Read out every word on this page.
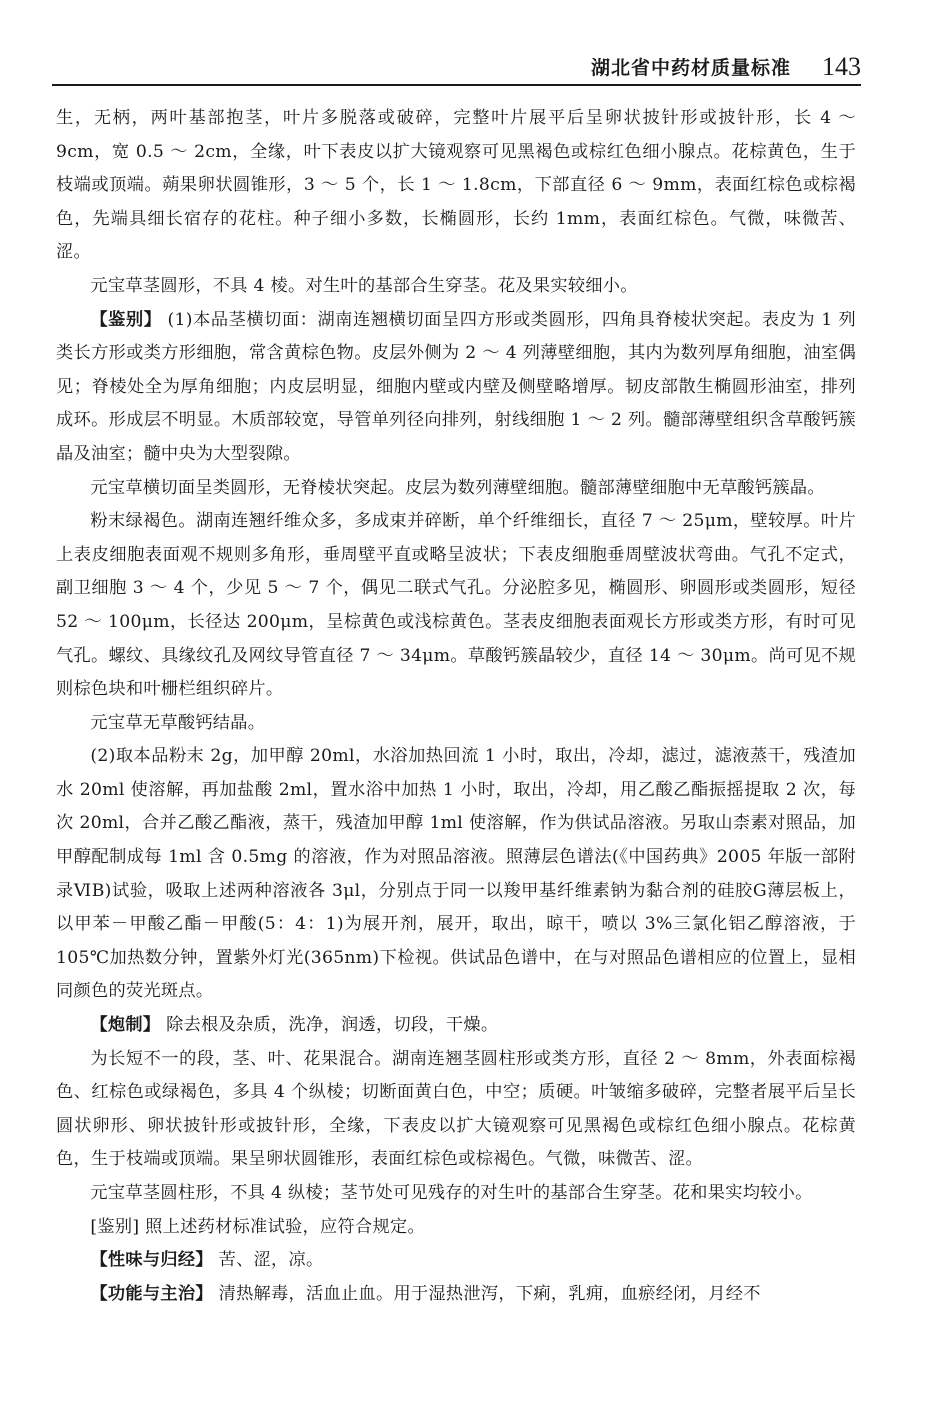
湖北省中药材质量标准 143

生，无柄，两叶基部抱茎，叶片多脱落或破碎，完整叶片展平后呈卵状披针形或披针形，长 4 ～ 9cm，宽 0.5 ～ 2cm，全缘，叶下表皮以扩大镜观察可见黑褐色或棕红色细小腺点。花棕黄色，生于枝端或顶端。蒴果卵状圆锥形，3 ～ 5 个，长 1 ～ 1.8cm，下部直径 6 ～ 9mm，表面红棕色或棕褐色，先端具细长宿存的花柱。种子细小多数，长椭圆形，长约 1mm，表面红棕色。气微，味微苦、涩。

元宝草茎圆形，不具 4 棱。对生叶的基部合生穿茎。花及果实较细小。

【鉴别】 (1)本品茎横切面：湖南连翘横切面呈四方形或类圆形，四角具脊棱状突起。表皮为 1 列类长方形或类方形细胞，常含黄棕色物。皮层外侧为 2 ～ 4 列薄壁细胞，其内为数列厚角细胞，油室偶见；脊棱处全为厚角细胞；内皮层明显，细胞内壁或内壁及侧壁略增厚。韧皮部散生椭圆形油室，排列成环。形成层不明显。木质部较宽，导管单列径向排列，射线细胞 1 ～ 2 列。髓部薄壁组织含草酸钙簇晶及油室；髓中央为大型裂隙。

元宝草横切面呈类圆形，无脊棱状突起。皮层为数列薄壁细胞。髓部薄壁细胞中无草酸钙簇晶。

粉末绿褐色。湖南连翘纤维众多，多成束并碎断，单个纤维细长，直径 7 ～ 25μm，壁较厚。叶片上表皮细胞表面观不规则多角形，垂周壁平直或略呈波状；下表皮细胞垂周壁波状弯曲。气孔不定式，副卫细胞 3 ～ 4 个，少见 5 ～ 7 个，偶见二联式气孔。分泌腔多见，椭圆形、卵圆形或类圆形，短径 52 ～ 100μm，长径达 200μm，呈棕黄色或浅棕黄色。茎表皮细胞表面观长方形或类方形，有时可见气孔。螺纹、具缘纹孔及网纹导管直径 7 ～ 34μm。草酸钙簇晶较少，直径 14 ～ 30μm。尚可见不规则棕色块和叶栅栏组织碎片。

元宝草无草酸钙结晶。

(2)取本品粉末 2g，加甲醇 20ml，水浴加热回流 1 小时，取出，冷却，滤过，滤液蒸干，残渣加水 20ml 使溶解，再加盐酸 2ml，置水浴中加热 1 小时，取出，冷却，用乙酸乙酯振摇提取 2 次，每次 20ml，合并乙酸乙酯液，蒸干，残渣加甲醇 1ml 使溶解，作为供试品溶液。另取山柰素对照品，加甲醇配制成每 1ml 含 0.5mg 的溶液，作为对照品溶液。照薄层色谱法(《中国药典》2005 年版一部附录ⅥB)试验，吸取上述两种溶液各 3μl，分别点于同一以羧甲基纤维素钠为黏合剂的硅胶G薄层板上，以甲苯－甲酸乙酯－甲酸(5：4：1)为展开剂，展开，取出，晾干，喷以 3%三氯化铝乙醇溶液，于 105℃加热数分钟，置紫外灯光(365nm)下检视。供试品色谱中，在与对照品色谱相应的位置上，显相同颜色的荧光斑点。

【炮制】 除去根及杂质，洗净，润透，切段，干燥。

为长短不一的段，茎、叶、花果混合。湖南连翘茎圆柱形或类方形，直径 2 ～ 8mm，外表面棕褐色、红棕色或绿褐色，多具 4 个纵棱；切断面黄白色，中空；质硬。叶皱缩多破碎，完整者展平后呈长圆状卵形、卵状披针形或披针形，全缘，下表皮以扩大镜观察可见黑褐色或棕红色细小腺点。花棕黄色，生于枝端或顶端。果呈卵状圆锥形，表面红棕色或棕褐色。气微，味微苦、涩。

元宝草茎圆柱形，不具 4 纵棱；茎节处可见残存的对生叶的基部合生穿茎。花和果实均较小。

[鉴别] 照上述药材标准试验，应符合规定。

【性味与归经】 苦、涩，凉。

【功能与主治】 清热解毒，活血止血。用于湿热泄泻，下痢，乳痈，血瘀经闭，月经不
